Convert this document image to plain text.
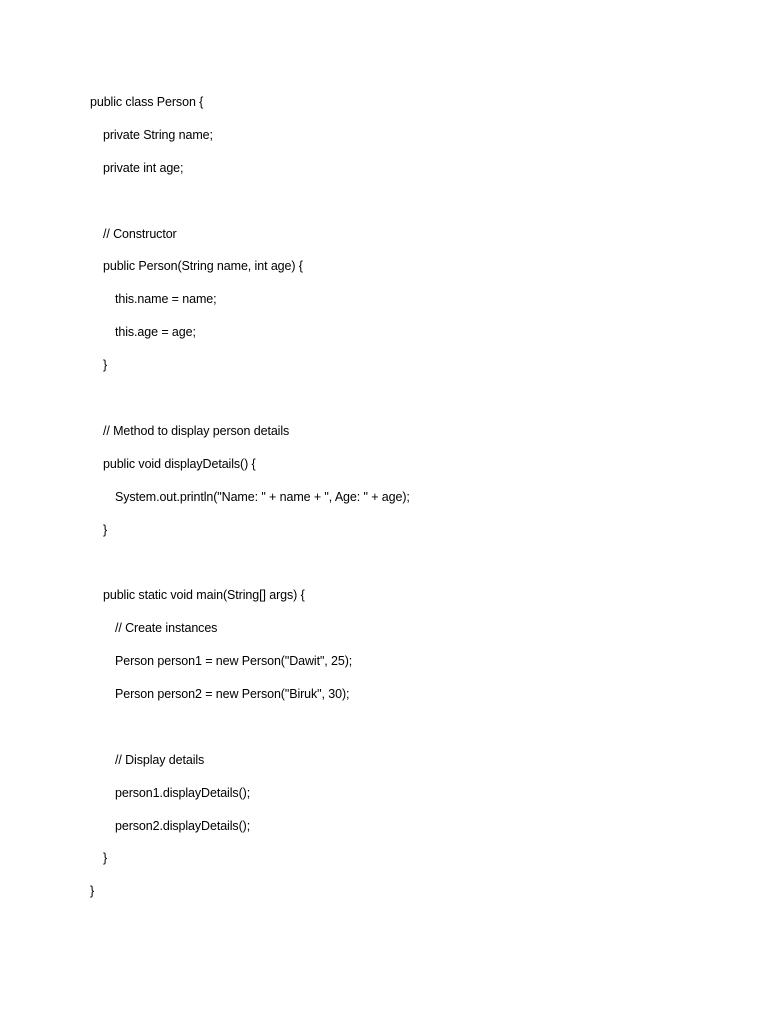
public class Person {
private String name;
private int age;
// Constructor
public Person(String name, int age) {
this.name = name;
this.age = age;
}
// Method to display person details
public void displayDetails() {
System.out.println("Name: " + name + ", Age: " + age);
}
public static void main(String[] args) {
// Create instances
Person person1 = new Person("Dawit", 25);
Person person2 = new Person("Biruk", 30);
// Display details
person1.displayDetails();
person2.displayDetails();
}
}
